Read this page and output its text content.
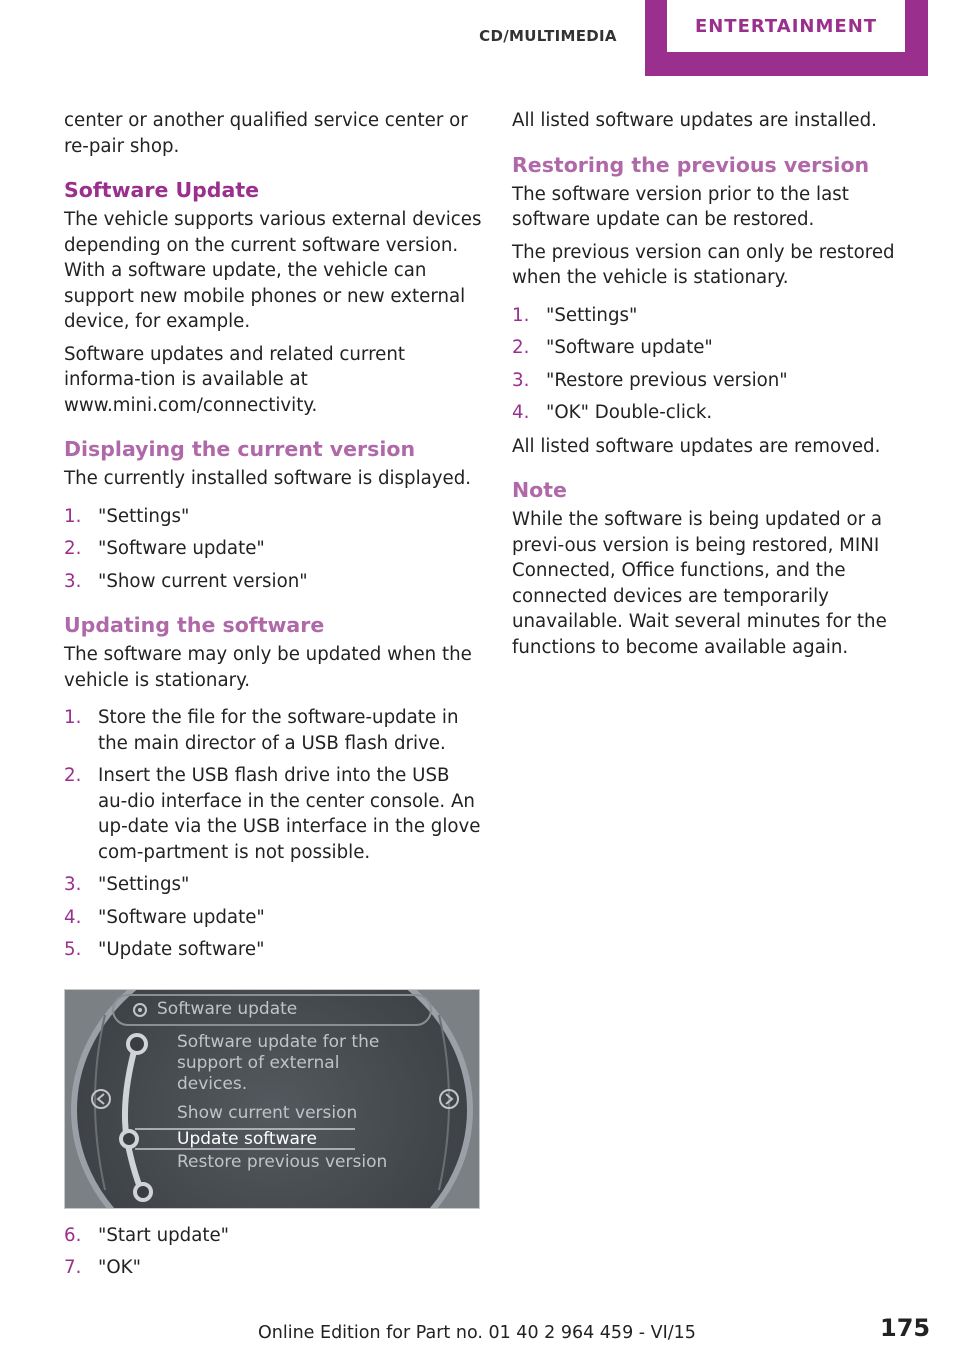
CD/MULTIMEDIA	ENTERTAINMENT

center or another qualified service center or re-pair shop.

Software Update

The vehicle supports various external devices depending on the current software version. With a software update, the vehicle can support new mobile phones or new external device, for example.

Software updates and related current informa-tion is available at www.mini.com/connectivity.

Displaying the current version

The currently installed software is displayed.

1. "Settings"
2. "Software update"
3. "Show current version"
Updating the software

The software may only be updated when the vehicle is stationary.

1. Store the file for the software-update in the main director of a USB flash drive.
2. Insert the USB flash drive into the USB au-dio interface in the center console. An up-date via the USB interface in the glove com-partment is not possible.
3. "Settings"
4. "Software update"
5. "Update software"
Software update
Software update for the support of external devices.
Show current version
Update software
Restore previous version
6. "Start update"
7. "OK"

All listed software updates are installed.

Restoring the previous version

The software version prior to the last software update can be restored.

The previous version can only be restored when the vehicle is stationary.

1. "Settings"
2. "Software update"
3. "Restore previous version"
4. "OK" Double-click.

All listed software updates are removed.

Note

While the software is being updated or a previ-ous version is being restored, MINI Connected, Office functions, and the connected devices are temporarily unavailable. Wait several minutes for the functions to become available again.

Online Edition for Part no. 01 40 2 964 459 - VI/15	175
